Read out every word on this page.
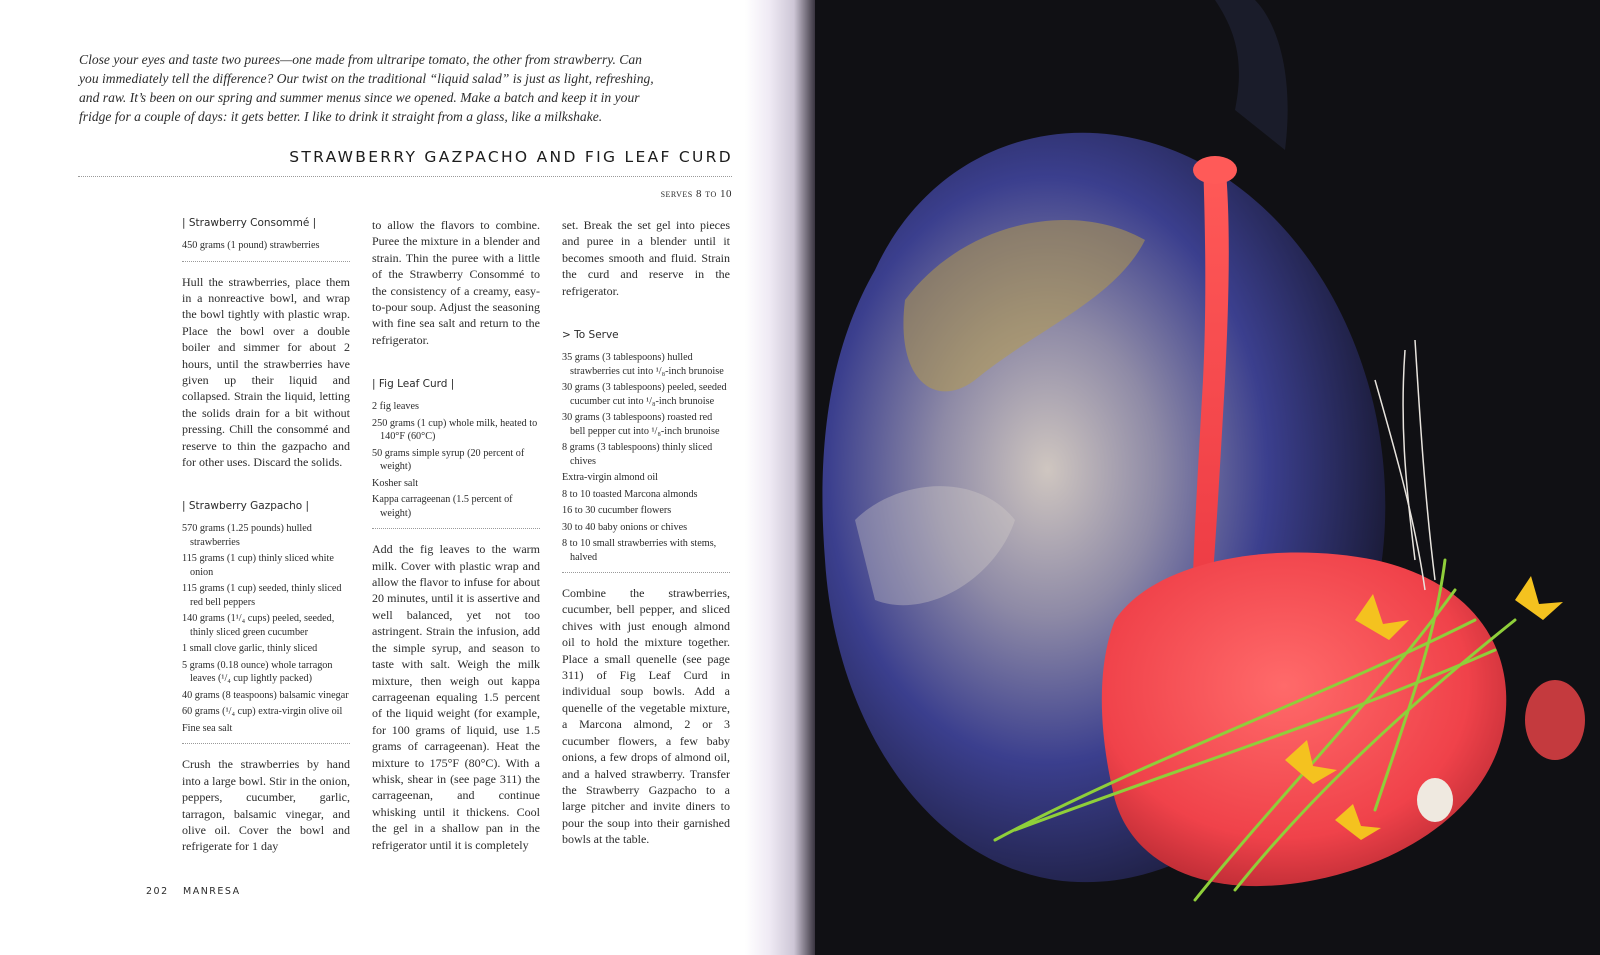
Close your eyes and taste two purees—one made from ultraripe tomato, the other from strawberry. Can you immediately tell the difference? Our twist on the traditional “liquid salad” is just as light, refreshing, and raw. It’s been on our spring and summer menus since we opened. Make a batch and keep it in your fridge for a couple of days: it gets better. I like to drink it straight from a glass, like a milkshake.

STRAWBERRY GAZPACHO AND FIG LEAF CURD
serves 8 to 10
| Strawberry Consommé |
450 grams (1 pound) strawberries

Hull the strawberries, place them in a nonreactive bowl, and wrap the bowl tightly with plastic wrap. Place the bowl over a double boiler and simmer for about 2 hours, until the strawberries have given up their liquid and collapsed. Strain the liquid, letting the solids drain for a bit without pressing. Chill the consommé and reserve to thin the gazpacho and for other uses. Discard the solids.

| Strawberry Gazpacho |
570 grams (1.25 pounds) hulled strawberries
115 grams (1 cup) thinly sliced white onion
115 grams (1 cup) seeded, thinly sliced red bell peppers
140 grams (1¹/₄ cups) peeled, seeded, thinly sliced green cucumber
1 small clove garlic, thinly sliced
5 grams (0.18 ounce) whole tarragon leaves (¹/₄ cup lightly packed)
40 grams (8 teaspoons) balsamic vinegar
60 grams (¹/₄ cup) extra-virgin olive oil
Fine sea salt

Crush the strawberries by hand into a large bowl. Stir in the onion, peppers, cucumber, garlic, tarragon, balsamic vinegar, and olive oil. Cover the bowl and refrigerate for 1 day

to allow the flavors to combine. Puree the mixture in a blender and strain. Thin the puree with a little of the Strawberry Consommé to the consistency of a creamy, easy-to-pour soup. Adjust the seasoning with fine sea salt and return to the refrigerator.

| Fig Leaf Curd |
2 fig leaves
250 grams (1 cup) whole milk, heated to 140°F (60°C)
50 grams simple syrup (20 percent of weight)
Kosher salt
Kappa carrageenan (1.5 percent of weight)

Add the fig leaves to the warm milk. Cover with plastic wrap and allow the flavor to infuse for about 20 minutes, until it is assertive and well balanced, yet not too astringent. Strain the infusion, add the simple syrup, and season to taste with salt. Weigh the milk mixture, then weigh out kappa carrageenan equaling 1.5 percent of the liquid weight (for example, for 100 grams of liquid, use 1.5 grams of carrageenan). Heat the mixture to 175°F (80°C). With a whisk, shear in (see page 311) the carrageenan, and continue whisking until it thickens. Cool the gel in a shallow pan in the refrigerator until it is completely

set. Break the set gel into pieces and puree in a blender until it becomes smooth and fluid. Strain the curd and reserve in the refrigerator.

> To Serve
35 grams (3 tablespoons) hulled strawberries cut into ¹/₈-inch brunoise
30 grams (3 tablespoons) peeled, seeded cucumber cut into ¹/₈-inch brunoise
30 grams (3 tablespoons) roasted red bell pepper cut into ¹/₈-inch brunoise
8 grams (3 tablespoons) thinly sliced chives
Extra-virgin almond oil
8 to 10 toasted Marcona almonds
16 to 30 cucumber flowers
30 to 40 baby onions or chives
8 to 10 small strawberries with stems, halved

Combine the strawberries, cucumber, bell pepper, and sliced chives with just enough almond oil to hold the mixture together. Place a small quenelle (see page 311) of Fig Leaf Curd in individual soup bowls. Add a quenelle of the vegetable mixture, a Marcona almond, 2 or 3 cucumber flowers, a few baby onions, a few drops of almond oil, and a halved strawberry. Transfer the Strawberry Gazpacho to a large pitcher and invite diners to pour the soup into their garnished bowls at the table.

202 MANRESA
